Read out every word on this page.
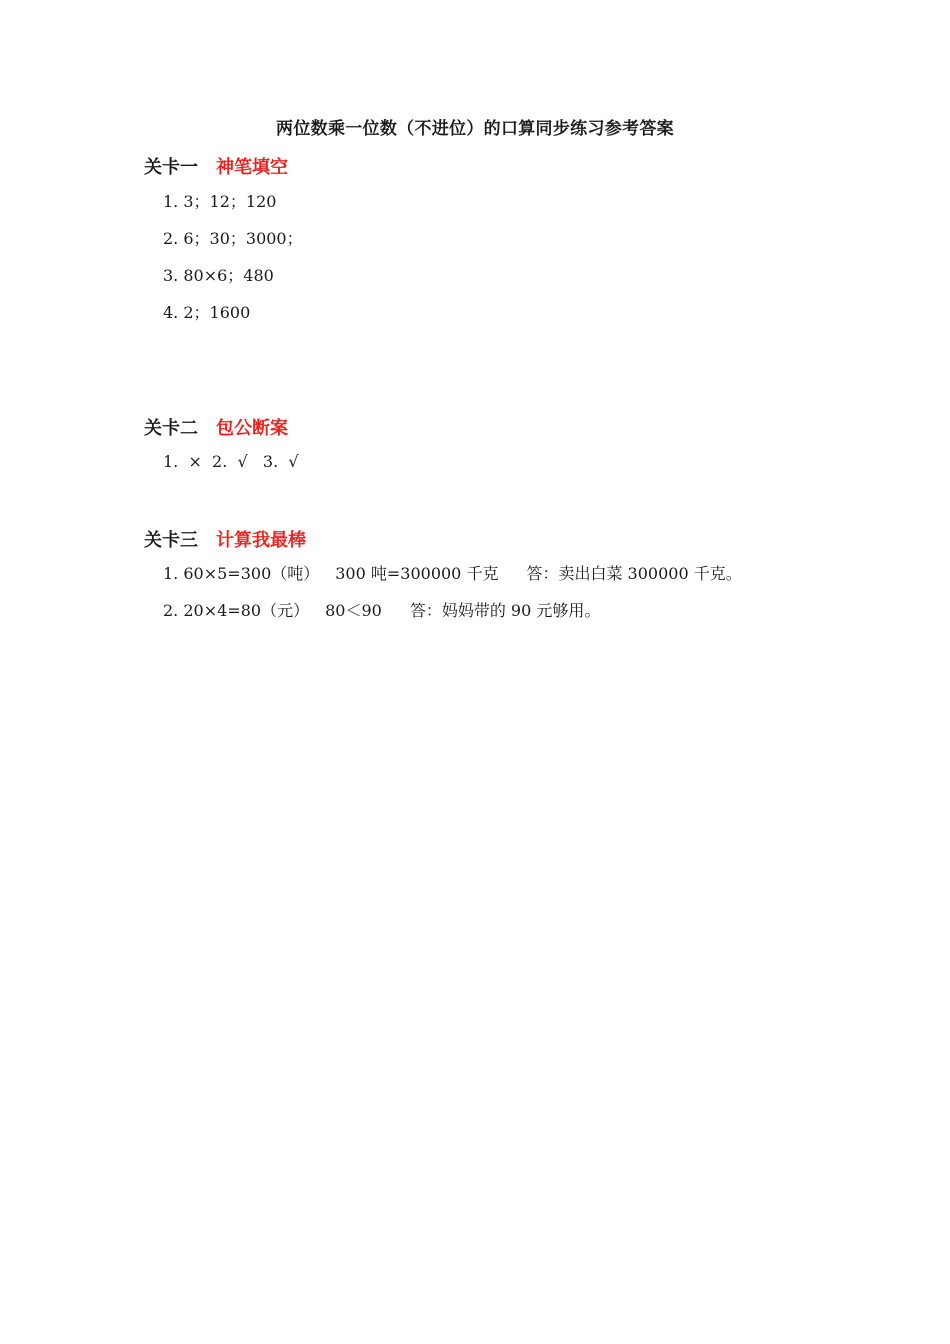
两位数乘一位数（不进位）的口算同步练习参考答案
关卡一 神笔填空
1. 3；12；120
2. 6；30；3000；
3. 80×6；480
4. 2；1600
关卡二 包公断案
1.  ×  2.  √   3.  √
关卡三 计算我最棒
1. 60×5=300（吨） 300 吨=300000 千克 答：卖出白菜 300000 千克。
2. 20×4=80（元） 80＜90 答：妈妈带的 90 元够用。
